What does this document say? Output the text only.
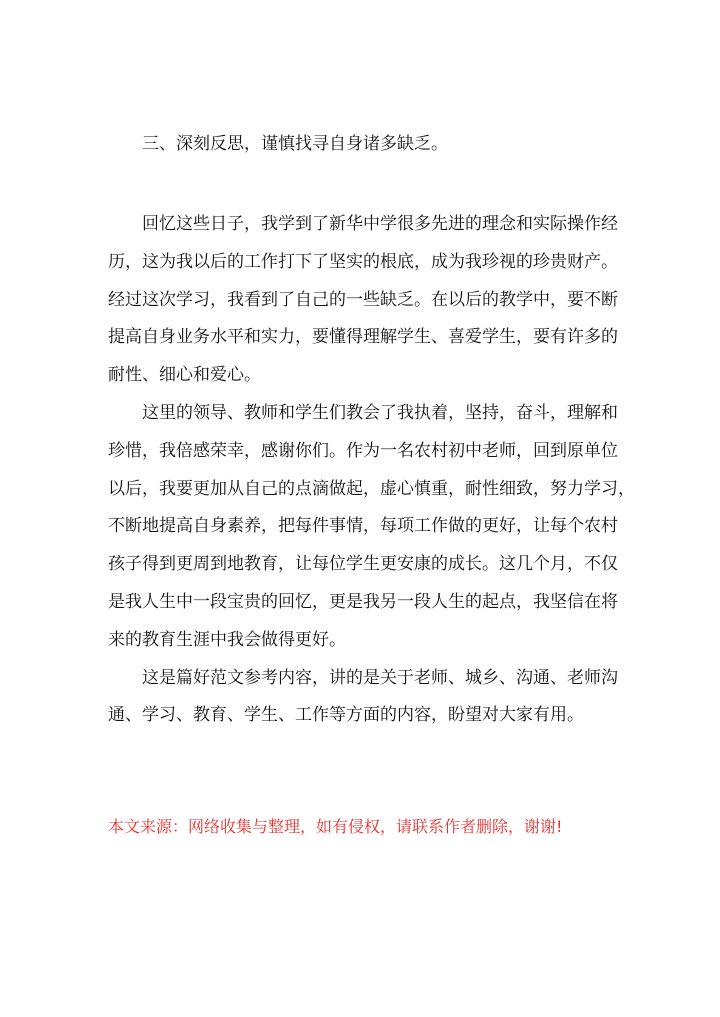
三、深刻反思，谨慎找寻自身诸多缺乏。
回忆这些日子，我学到了新华中学很多先进的理念和实际操作经
历，这为我以后的工作打下了坚实的根底，成为我珍视的珍贵财产。
经过这次学习，我看到了自己的一些缺乏。在以后的教学中，要不断
提高自身业务水平和实力，要懂得理解学生、喜爱学生，要有许多的
耐性、细心和爱心。
这里的领导、教师和学生们教会了我执着，坚持，奋斗，理解和
珍惜，我倍感荣幸，感谢你们。作为一名农村初中老师，回到原单位
以后，我要更加从自己的点滴做起，虚心慎重，耐性细致，努力学习，
不断地提高自身素养，把每件事情，每项工作做的更好，让每个农村
孩子得到更周到地教育，让每位学生更安康的成长。这几个月，不仅
是我人生中一段宝贵的回忆，更是我另一段人生的起点，我坚信在将
来的教育生涯中我会做得更好。
这是篇好范文参考内容，讲的是关于老师、城乡、沟通、老师沟
通、学习、教育、学生、工作等方面的内容，盼望对大家有用。
本文来源：网络收集与整理，如有侵权，请联系作者删除，谢谢!
